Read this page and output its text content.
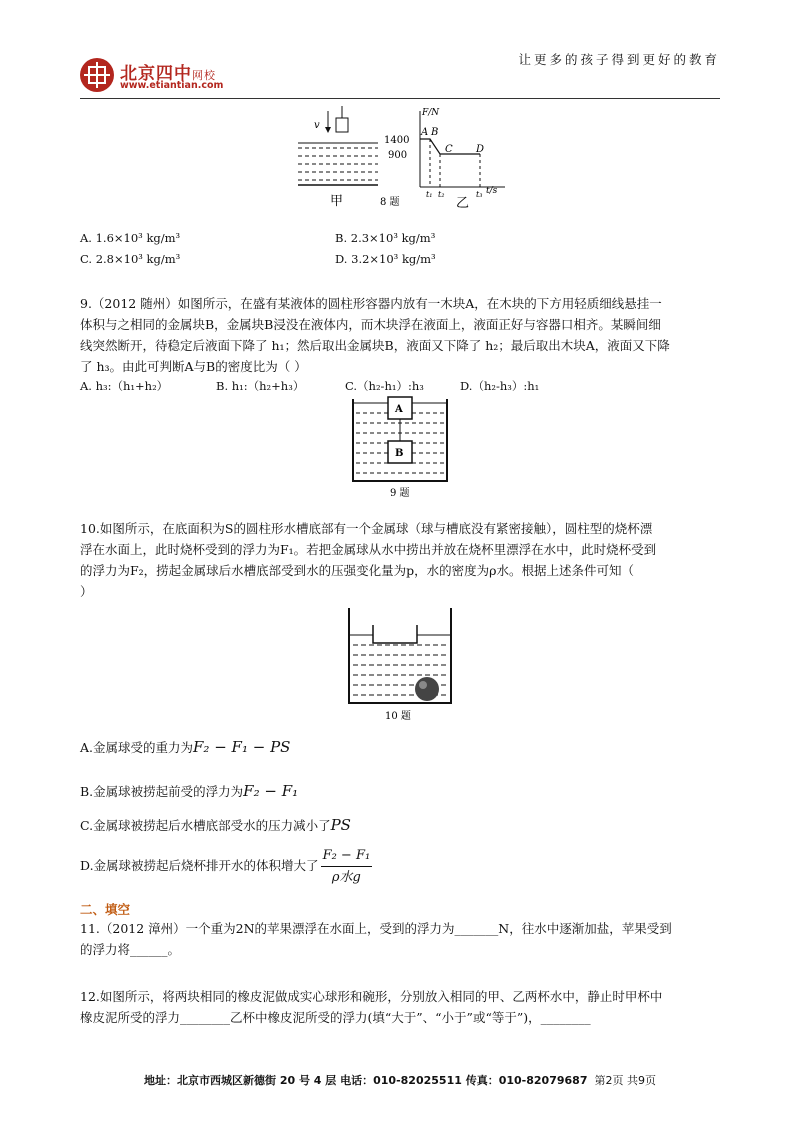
北京四中网校
www.etiantian.com
让更多的孩子得到更好的教育
v
甲	8 题
F/N
t/s
1400
900
A B
C D
t₁ t₂	t₃
乙
A. 1.6×10³ kg/m³	B. 2.3×10³ kg/m³
C. 2.8×10³ kg/m³	D. 3.2×10³ kg/m³
9.（2012 随州）如图所示，在盛有某液体的圆柱形容器内放有一木块A，在木块的下方用轻质细线悬挂一
体积与之相同的金属块B，金属块B浸没在液体内，而木块浮在液面上，液面正好与容器口相齐。某瞬间细
线突然断开，待稳定后液面下降了 h₁；然后取出金属块B，液面又下降了 h₂；最后取出木块A，液面又下降
了 h₃。由此可判断A与B的密度比为（ ）
A. h₃:（h₁+h₂）	B. h₁:（h₂+h₃）	C.（h₂-h₁）:h₃	D.（h₂-h₃）:h₁
A
B
9 题
10.如图所示，在底面积为S的圆柱形水槽底部有一个金属球（球与槽底没有紧密接触），圆柱型的烧杯漂
浮在水面上，此时烧杯受到的浮力为F₁。若把金属球从水中捞出并放在烧杯里漂浮在水中，此时烧杯受到
的浮力为F₂，捞起金属球后水槽底部受到水的压强变化量为p，水的密度为ρ水。根据上述条件可知（
）
10 题
A.金属球受的重力为F₂ − F₁ − PS
B.金属球被捞起前受的浮力为F₂ − F₁
C.金属球被捞起后水槽底部受水的压力减小了PS
D.金属球被捞起后烧杯排开水的体积增大了 $\frac{\text{F₂ − F₁}}{\text{ρ水g}}$
二、填空
11.（2012 漳州）一个重为2N的苹果漂浮在水面上，受到的浮力为_______N，往水中逐渐加盐，苹果受到
的浮力将______。
12.如图所示，将两块相同的橡皮泥做成实心球形和碗形，分别放入相同的甲、乙两杯水中，静止时甲杯中
橡皮泥所受的浮力________乙杯中橡皮泥所受的浮力(填“大于”、“小于”或“等于”)，________
地址：北京市西城区新德街 20 号 4 层 电话：010-82025511 传真：010-82079687 第2页 共9页
